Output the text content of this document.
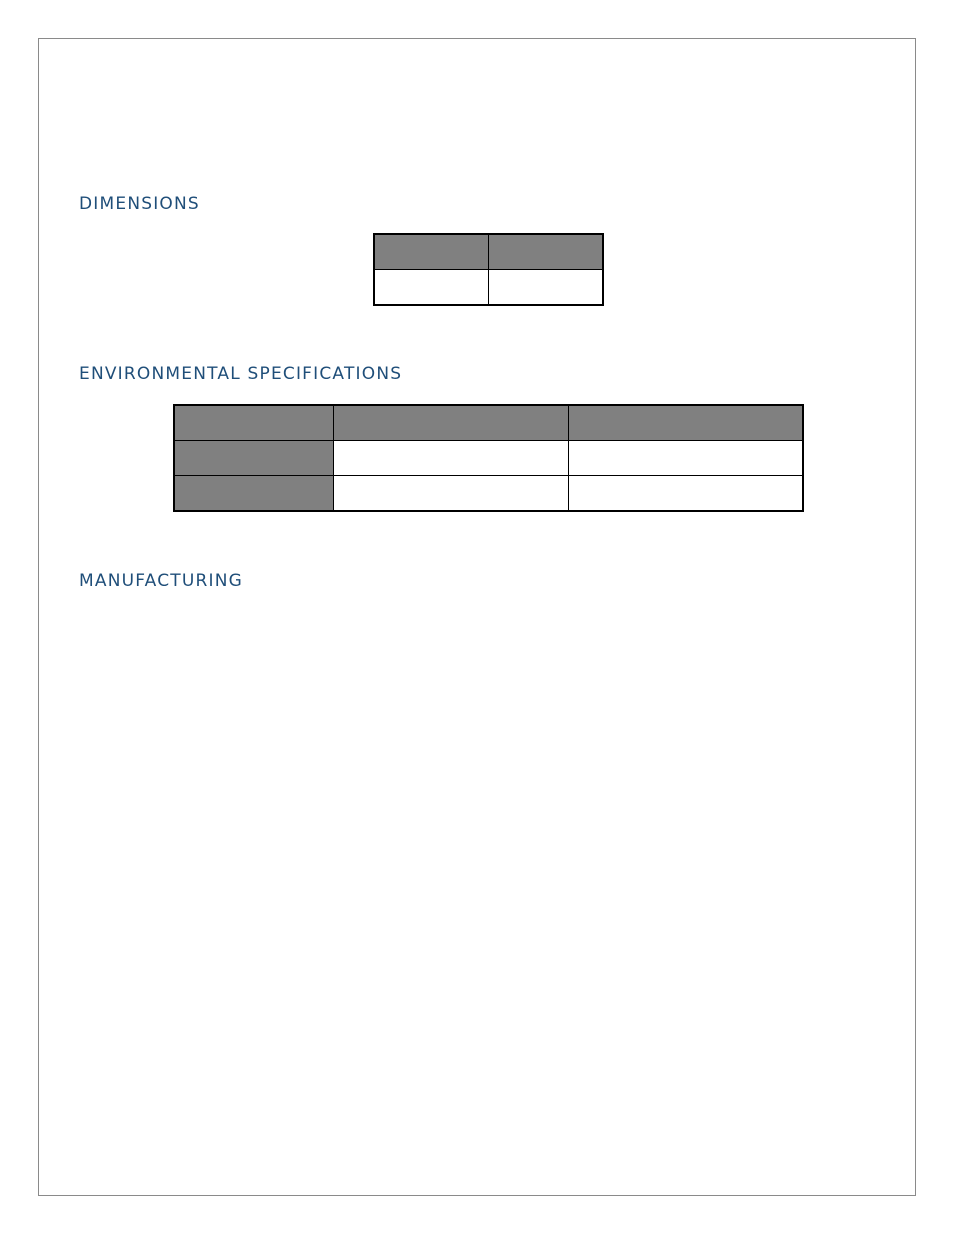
DIMENSIONS

ENVIRONMENTAL SPECIFICATIONS

MANUFACTURING
